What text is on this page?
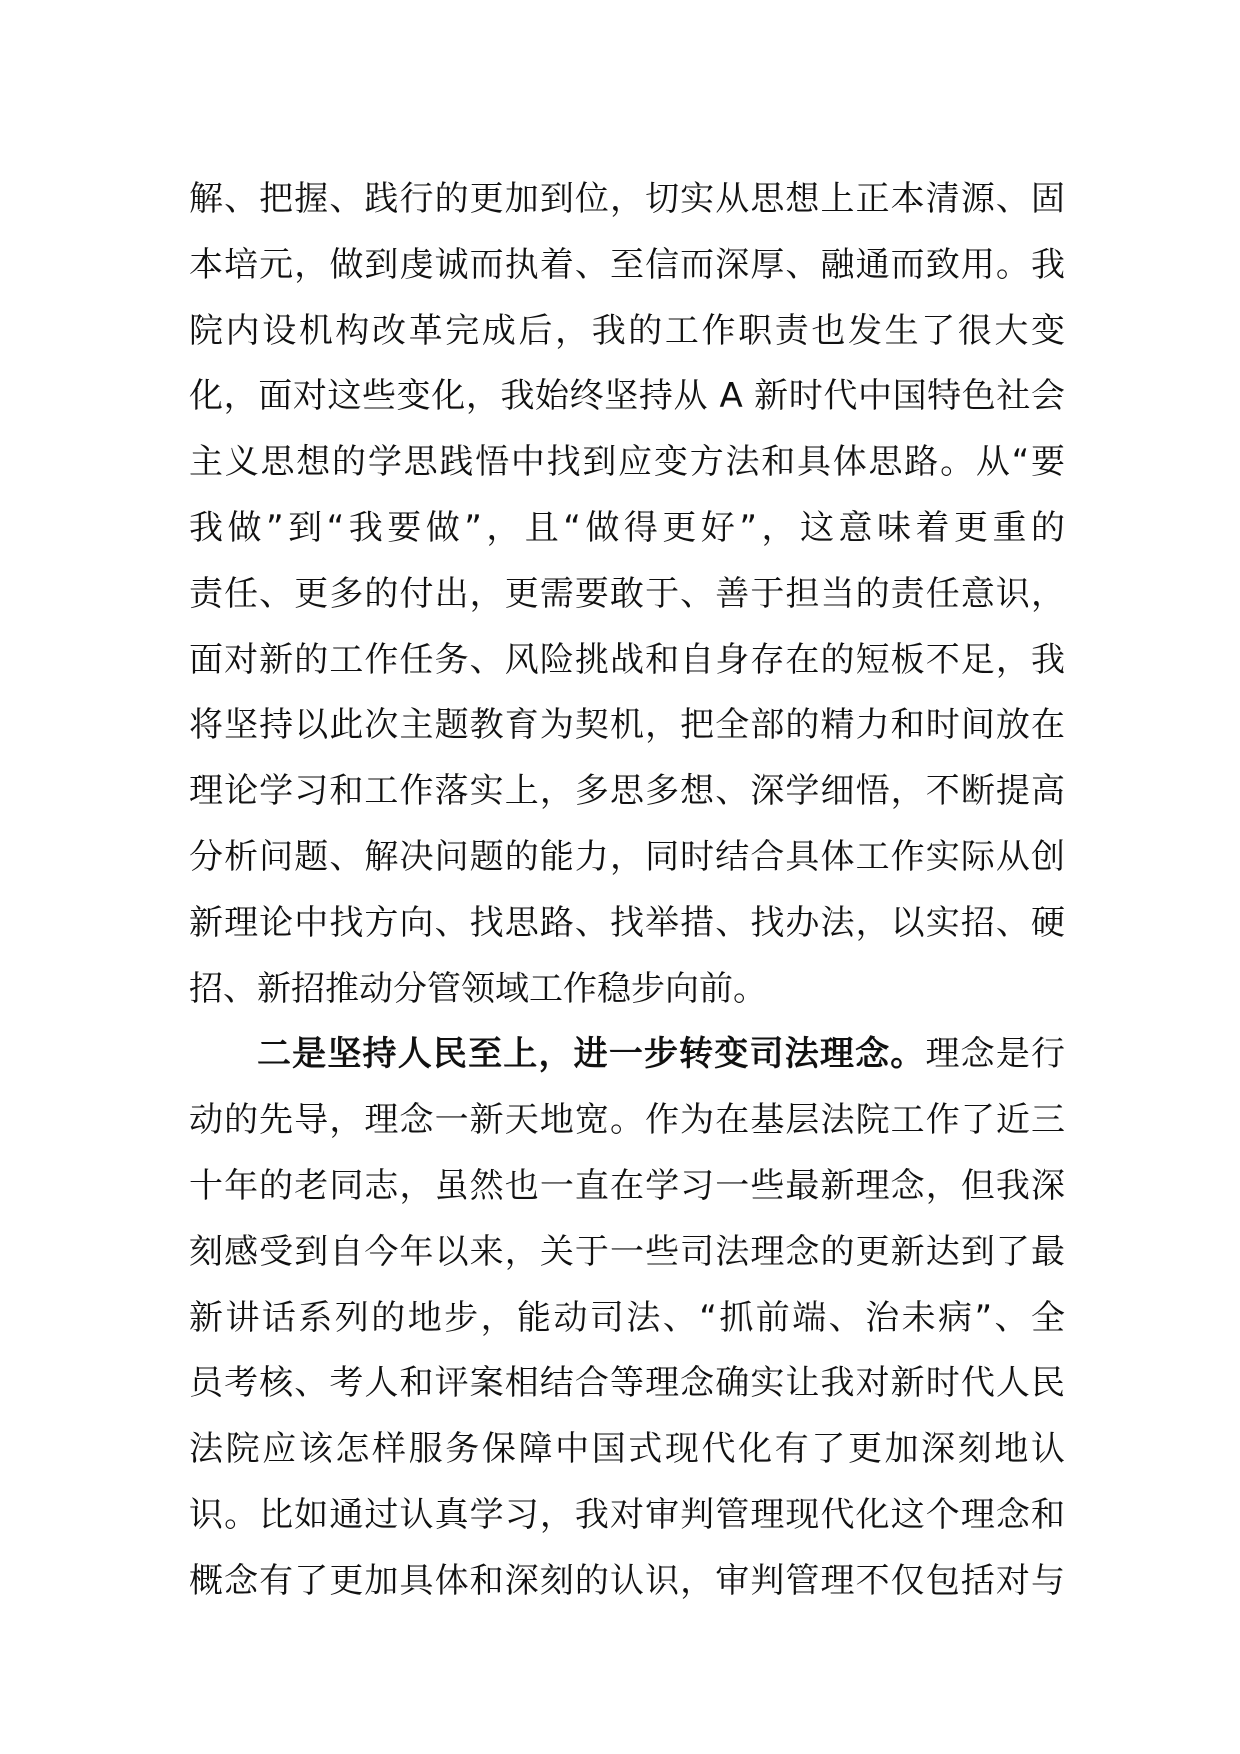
解、把握、践行的更加到位，切实从思想上正本清源、固
本培元，做到虔诚而执着、至信而深厚、融通而致用。我
院内设机构改革完成后，我的工作职责也发生了很大变
化，面对这些变化，我始终坚持从 A 新时代中国特色社会
主义思想的学思践悟中找到应变方法和具体思路。从“要
我做”到“我要做”，且“做得更好”，这意味着更重的
责任、更多的付出，更需要敢于、善于担当的责任意识，
面对新的工作任务、风险挑战和自身存在的短板不足，我
将坚持以此次主题教育为契机，把全部的精力和时间放在
理论学习和工作落实上，多思多想、深学细悟，不断提高
分析问题、解决问题的能力，同时结合具体工作实际从创
新理论中找方向、找思路、找举措、找办法，以实招、硬
招、新招推动分管领域工作稳步向前。
二是坚持人民至上，进一步转变司法理念。理念是行
动的先导，理念一新天地宽。作为在基层法院工作了近三
十年的老同志，虽然也一直在学习一些最新理念，但我深
刻感受到自今年以来，关于一些司法理念的更新达到了最
新讲话系列的地步，能动司法、“抓前端、治未病”、全
员考核、考人和评案相结合等理念确实让我对新时代人民
法院应该怎样服务保障中国式现代化有了更加深刻地认
识。比如通过认真学习，我对审判管理现代化这个理念和
概念有了更加具体和深刻的认识，审判管理不仅包括对与
